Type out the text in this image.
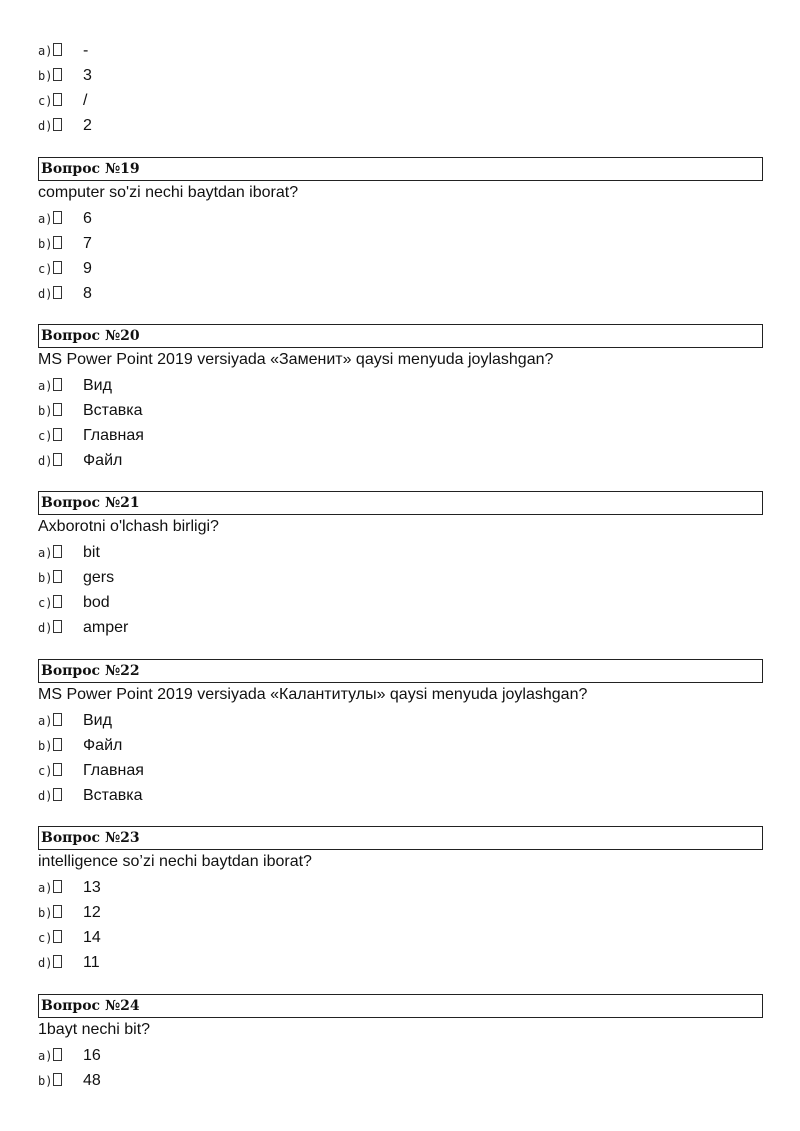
a)	-
b)	3
c)	/
d)	2
Вопрос №19
computer so'zi nechi baytdan iborat?
a)	6
b)	7
c)	9
d)	8
Вопрос №20
MS Power Point 2019 versiyada «Заменит» qaysi menyuda joylashgan?
a)	Вид
b)	Вставка
c)	Главная
d)	Файл
Вопрос №21
Axborotni o'lchash birligi?
a)	bit
b)	gers
c)	bod
d)	amper
Вопрос №22
MS Power Point 2019 versiyada «Калантитулы» qaysi menyuda joylashgan?
a)	Вид
b)	Файл
c)	Главная
d)	Вставка
Вопрос №23
intelligence so’zi nechi baytdan iborat?
a)	13
b)	12
c)	14
d)	11
Вопрос №24
1bayt nechi bit?
a)	16
b)	48
